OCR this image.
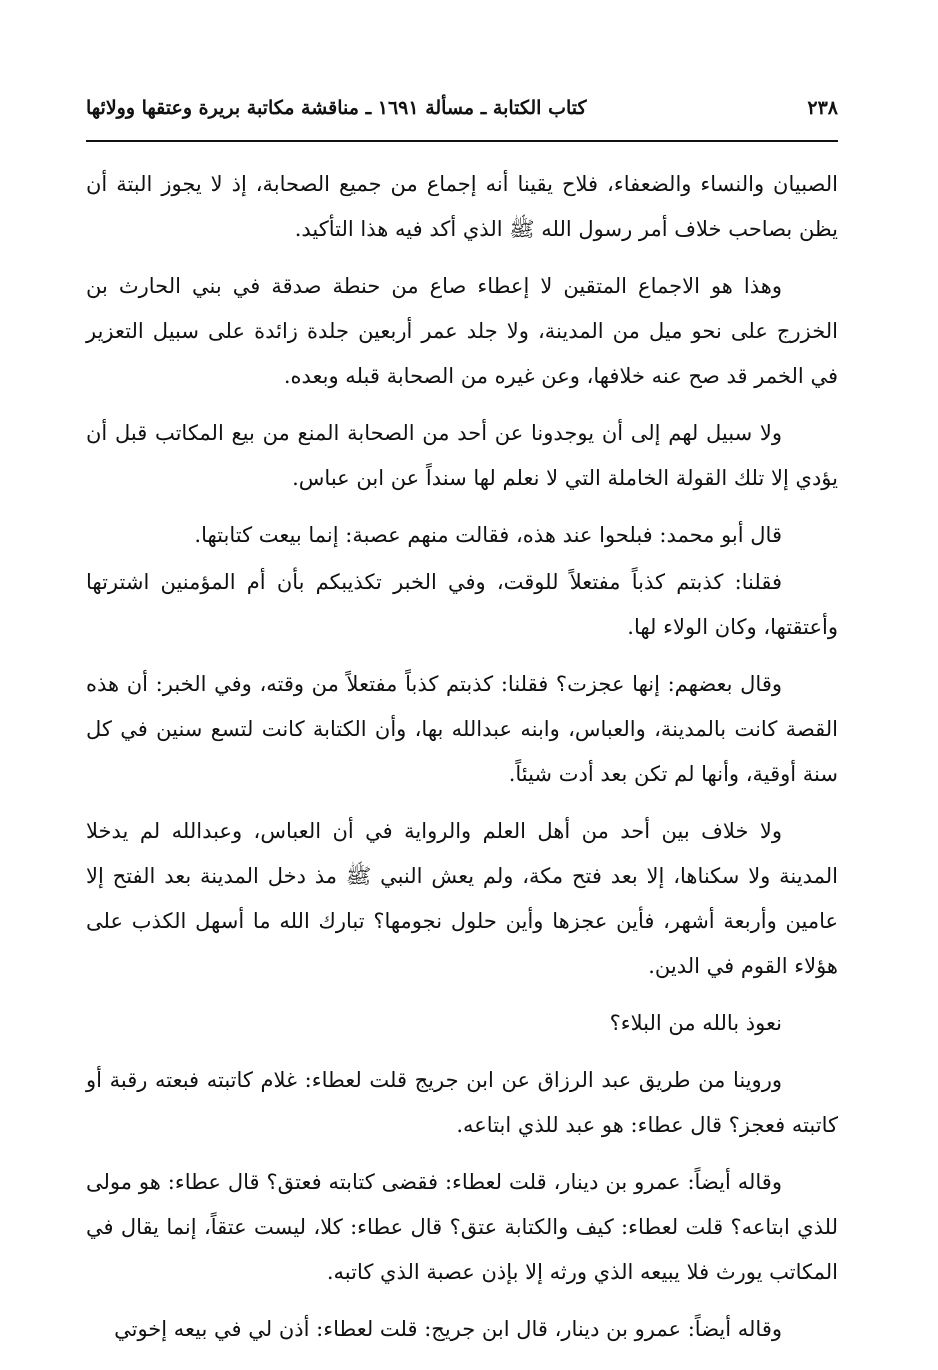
٢٣٨
كتاب الكتابة ـ مسألة ١٦٩١ ـ مناقشة مكاتبة بريرة وعتقها وولائها

الصبيان والنساء والضعفاء، فلاح يقينا أنه إجماع من جميع الصحابة، إذ لا يجوز البتة أن يظن بصاحب خلاف أمر رسول الله ﷺ الذي أكد فيه هذا التأكيد.

وهذا هو الاجماع المتقين لا إعطاء صاع من حنطة صدقة في بني الحارث بن الخزرج على نحو ميل من المدينة، ولا جلد عمر أربعين جلدة زائدة على سبيل التعزير في الخمر قد صح عنه خلافها، وعن غيره من الصحابة قبله وبعده.

ولا سبيل لهم إلى أن يوجدونا عن أحد من الصحابة المنع من بيع المكاتب قبل أن يؤدي إلا تلك القولة الخاملة التي لا نعلم لها سنداً عن ابن عباس.

قال أبو محمد: فبلحوا عند هذه، فقالت منهم عصبة: إنما بيعت كتابتها.

فقلنا: كذبتم كذباً مفتعلاً للوقت، وفي الخبر تكذيبكم بأن أم المؤمنين اشترتها وأعتقتها، وكان الولاء لها.

وقال بعضهم: إنها عجزت؟ فقلنا: كذبتم كذباً مفتعلاً من وقته، وفي الخبر: أن هذه القصة كانت بالمدينة، والعباس، وابنه عبدالله بها، وأن الكتابة كانت لتسع سنين في كل سنة أوقية، وأنها لم تكن بعد أدت شيئاً.

ولا خلاف بين أحد من أهل العلم والرواية في أن العباس، وعبدالله لم يدخلا المدينة ولا سكناها، إلا بعد فتح مكة، ولم يعش النبي ﷺ مذ دخل المدينة بعد الفتح إلا عامين وأربعة أشهر، فأين عجزها وأين حلول نجومها؟ تبارك الله ما أسهل الكذب على هؤلاء القوم في الدين.

نعوذ بالله من البلاء؟

وروينا من طريق عبد الرزاق عن ابن جريج قلت لعطاء: غلام كاتبته فبعته رقبة أو كاتبته فعجز؟ قال عطاء: هو عبد للذي ابتاعه.

وقاله أيضاً: عمرو بن دينار، قلت لعطاء: فقضى كتابته فعتق؟ قال عطاء: هو مولى للذي ابتاعه؟ قلت لعطاء: كيف والكتابة عتق؟ قال عطاء: كلا، ليست عتقاً، إنما يقال في المكاتب يورث فلا يبيعه الذي ورثه إلا بإذن عصبة الذي كاتبه.

وقاله أيضاً: عمرو بن دينار، قال ابن جريج: قلت لعطاء: أذن لي في بيعه إخوتي
